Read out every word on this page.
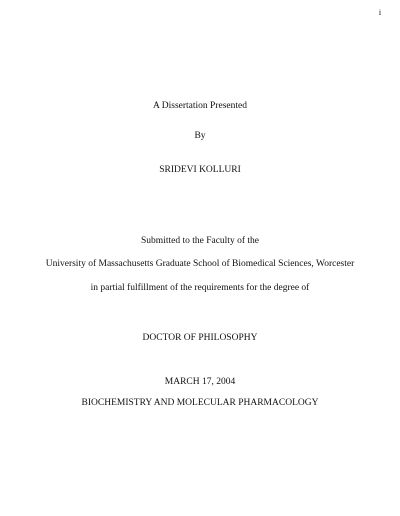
i
A Dissertation Presented
By
SRIDEVI KOLLURI
Submitted to the Faculty of the
University of Massachusetts Graduate School of Biomedical Sciences, Worcester
in partial fulfillment of the requirements for the degree of
DOCTOR OF PHILOSOPHY
MARCH 17, 2004
BIOCHEMISTRY AND MOLECULAR PHARMACOLOGY
